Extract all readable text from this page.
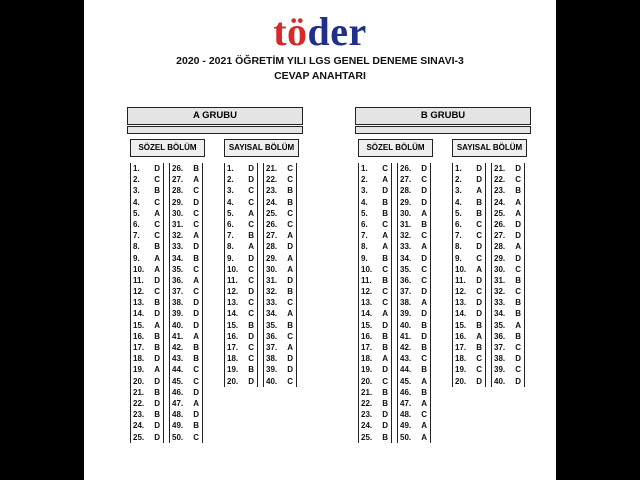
töder
2020 - 2021 ÖĞRETİM YILI LGS GENEL DENEME SINAVI-3
CEVAP ANAHTARI
A GRUBU
SÖZEL BÖLÜM
1. D
2. C
3. B
4. C
5. A
6. C
7. C
8. B
9. A
10. A
11. D
12. C
13. B
14. D
15. A
16. B
17. B
18. D
19. A
20. D
21. B
22. D
23. B
24. D
25. D
26. B
27. A
28. C
29. D
30. C
31. C
32. A
33. D
34. B
35. C
36. A
37. C
38. D
39. D
40. D
41. A
42. B
43. B
44. C
45. C
46. D
47. A
48. D
49. B
50. C
SAYISAL BÖLÜM
1. D
2. D
3. C
4. C
5. A
6. C
7. B
8. A
9. D
10. C
11. C
12. D
13. C
14. C
15. B
16. D
17. C
18. C
19. B
20. D
21. C
22. C
23. B
24. B
25. C
26. C
27. A
28. D
29. A
30. A
31. D
32. B
33. C
34. A
35. B
36. C
37. A
38. D
39. D
40. C
B GRUBU
SÖZEL BÖLÜM
1. C
2. A
3. D
4. B
5. B
6. C
7. A
8. A
9. B
10. C
11. B
12. C
13. C
14. A
15. D
16. B
17. B
18. A
19. D
20. C
21. B
22. B
23. D
24. D
25. B
26. D
27. C
28. D
29. D
30. A
31. B
32. C
33. A
34. D
35. C
36. C
37. D
38. A
39. D
40. B
41. D
42. B
43. C
44. B
45. A
46. B
47. A
48. C
49. A
50. A
SAYISAL BÖLÜM
1. D
2. D
3. A
4. B
5. B
6. C
7. C
8. D
9. C
10. A
11. D
12. C
13. D
14. D
15. B
16. A
17. B
18. C
19. C
20. D
21. D
22. C
23. B
24. A
25. A
26. D
27. D
28. A
29. D
30. C
31. B
32. C
33. B
34. B
35. A
36. B
37. C
38. D
39. C
40. D
